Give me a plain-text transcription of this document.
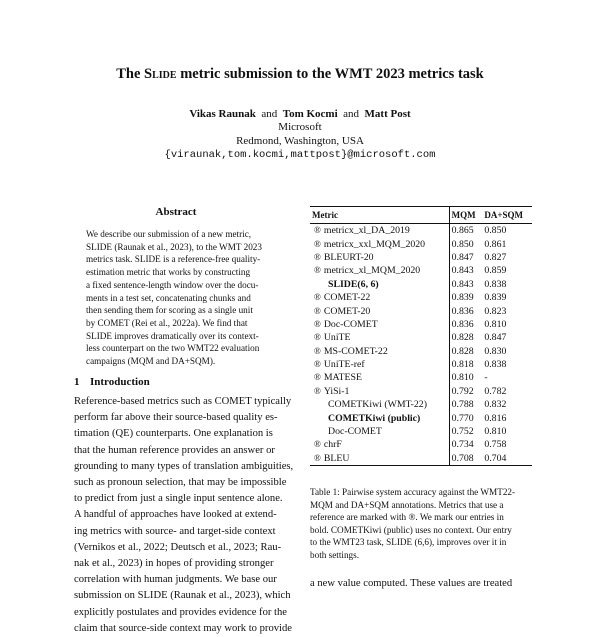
The Slide metric submission to the WMT 2023 metrics task
Vikas Raunak and Tom Kocmi and Matt Post
Microsoft
Redmond, Washington, USA
{viraunak,tom.kocmi,mattpost}@microsoft.com
Abstract
We describe our submission of a new metric,
SLIDE (Raunak et al., 2023), to the WMT 2023
metrics task. SLIDE is a reference-free quality-
estimation metric that works by constructing
a fixed sentence-length window over the docu-
ments in a test set, concatenating chunks and
then sending them for scoring as a single unit
by COMET (Rei et al., 2022a). We find that
SLIDE improves dramatically over its context-
less counterpart on the two WMT22 evaluation
campaigns (MQM and DA+SQM).
1 Introduction
Reference-based metrics such as COMET typically
perform far above their source-based quality es-
timation (QE) counterparts. One explanation is
that the human reference provides an answer or
grounding to many types of translation ambiguities,
such as pronoun selection, that may be impossible
to predict from just a single input sentence alone.
A handful of approaches have looked at extend-
ing metrics with source- and target-side context
(Vernikos et al., 2022; Deutsch et al., 2023; Rau-
nak et al., 2023) in hopes of providing stronger
correlation with human judgments. We base our
submission on SLIDE (Raunak et al., 2023), which
explicitly postulates and provides evidence for the
claim that source-side context may work to provide
Metric	MQM	DA+SQM
® metricx_xl_DA_2019	0.865	0.850
® metricx_xxl_MQM_2020	0.850	0.861
® BLEURT-20	0.847	0.827
® metricx_xl_MQM_2020	0.843	0.859
SLIDE(6, 6)	0.843	0.838
® COMET-22	0.839	0.839
® COMET-20	0.836	0.823
® Doc-COMET	0.836	0.810
® UniTE	0.828	0.847
® MS-COMET-22	0.828	0.830
® UniTE-ref	0.818	0.838
® MATESE	0.810	-
® YiSi-1	0.792	0.782
COMETKiwi (WMT-22)	0.788	0.832
COMETKiwi (public)	0.770	0.816
Doc-COMET	0.752	0.810
® chrF	0.734	0.758
® BLEU	0.708	0.704
Table 1: Pairwise system accuracy against the WMT22-
MQM and DA+SQM annotations. Metrics that use a
reference are marked with ®. We mark our entries in
bold. COMETKiwi (public) uses no context. Our entry
to the WMT23 task, SLIDE (6,6), improves over it in
both settings.
a new value computed. These values are treated
